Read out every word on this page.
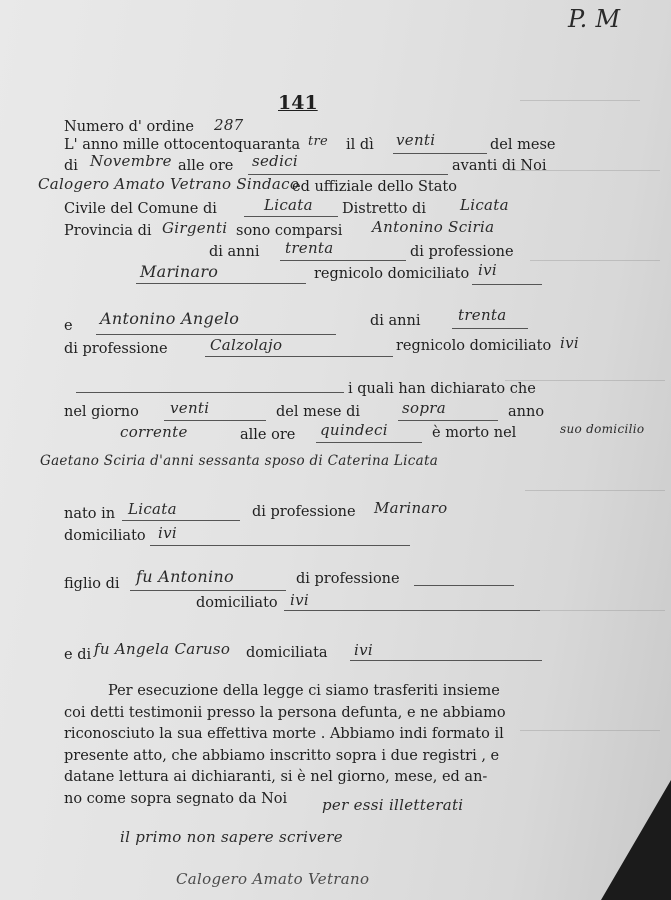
P. M
141
Numero d' ordine 287
L' anno mille ottocentoquaranta tre il dì venti	del mese
di Novembre alle ore sedici	avanti di Noi
Calogero Amato Vetrano Sindaco
ed uffiziale dello Stato
Civile del Comune di	Licata Distretto di Licata
Provincia di Girgenti sono comparsi Antonino Sciria
di anni trenta	di professione
Marinaro	regnicolo domiciliato ivi
e Antonino Angelo	di anni	trenta
di professione	Calzolajo	regnicolo domiciliato ivi
i quali han dichiarato che
nel giorno venti	del mese di	sopra	anno
corrente	alle ore quindeci	è morto nel	suo domicilio
Gaetano Sciria d'anni sessanta sposo di Caterina Licata
nato in Licata	di professione Marinaro
domiciliato ivi
figlio di fu Antonino	di professione
domiciliato ivi
e di fu Angela Caruso domiciliata ivi
Per esecuzione della legge ci siamo trasferiti insieme
coi detti testimonii presso la persona defunta, e ne abbiamo
riconosciuto la sua effettiva morte . Abbiamo indi formato il
presente atto, che abbiamo inscritto sopra i due registri , e
datane lettura ai dichiaranti, si è nel giorno, mese, ed an-
no come sopra segnato da Noi	per essi illetterati
il primo non sapere scrivere
Calogero Amato Vetrano
